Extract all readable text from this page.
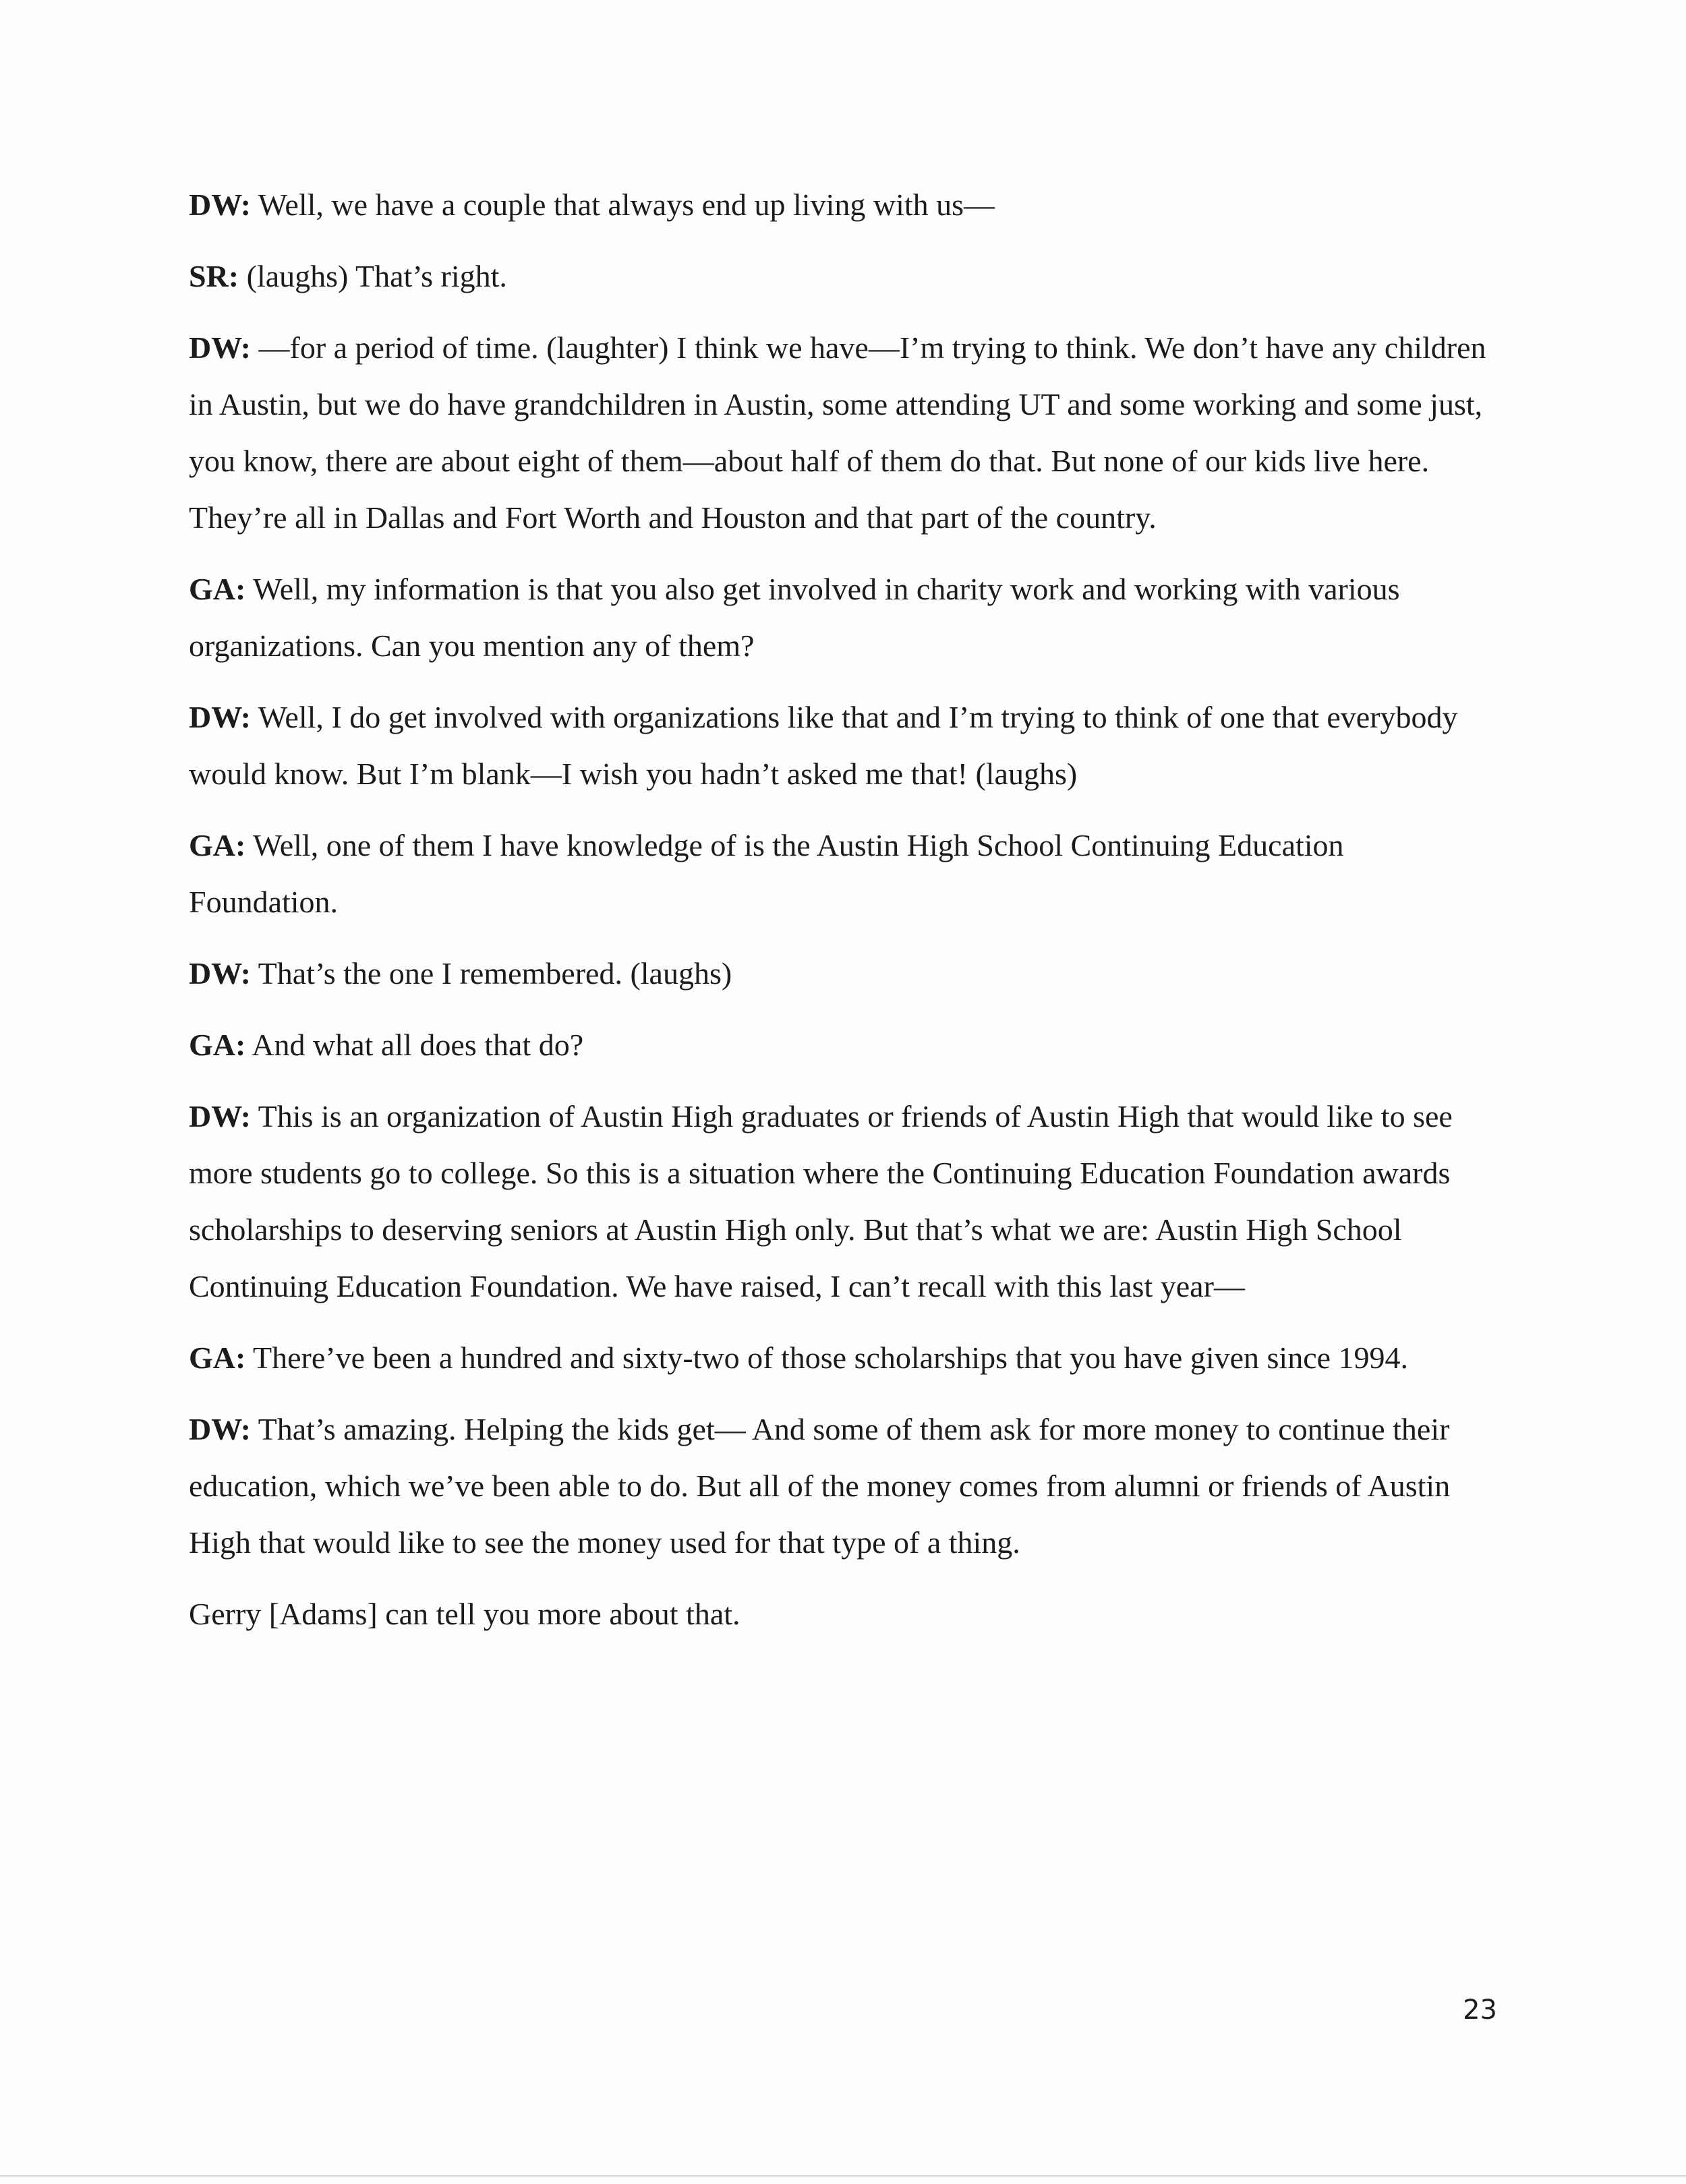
DW: Well, we have a couple that always end up living with us—

SR: (laughs) That’s right.

DW: —for a period of time. (laughter) I think we have—I’m trying to think. We don’t have any children in Austin, but we do have grandchildren in Austin, some attending UT and some working and some just, you know, there are about eight of them—about half of them do that. But none of our kids live here. They’re all in Dallas and Fort Worth and Houston and that part of the country.

GA: Well, my information is that you also get involved in charity work and working with various organizations. Can you mention any of them?

DW: Well, I do get involved with organizations like that and I’m trying to think of one that everybody would know. But I’m blank—I wish you hadn’t asked me that! (laughs)

GA: Well, one of them I have knowledge of is the Austin High School Continuing Education Foundation.

DW: That’s the one I remembered. (laughs)

GA: And what all does that do?

DW: This is an organization of Austin High graduates or friends of Austin High that would like to see more students go to college. So this is a situation where the Continuing Education Foundation awards scholarships to deserving seniors at Austin High only. But that’s what we are: Austin High School Continuing Education Foundation. We have raised, I can’t recall with this last year—

GA: There’ve been a hundred and sixty-two of those scholarships that you have given since 1994.

DW: That’s amazing. Helping the kids get— And some of them ask for more money to continue their education, which we’ve been able to do. But all of the money comes from alumni or friends of Austin High that would like to see the money used for that type of a thing.

Gerry [Adams] can tell you more about that.

23
